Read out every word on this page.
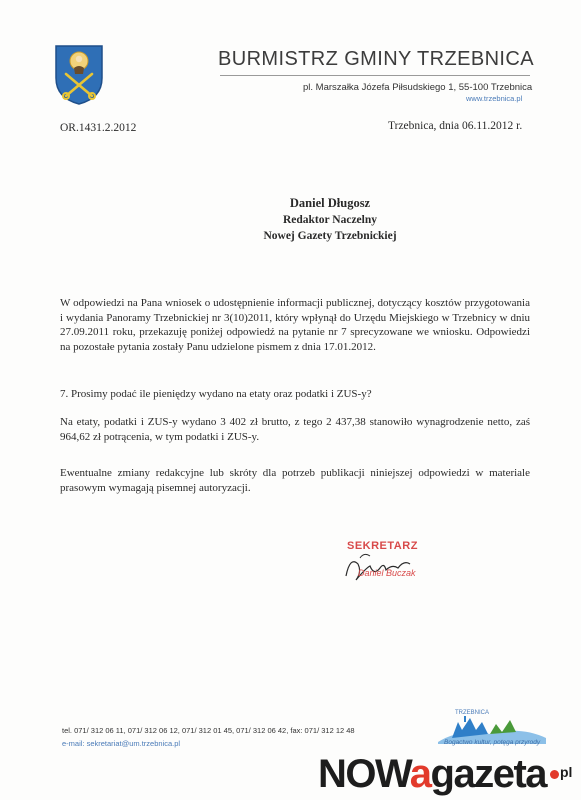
BURMISTRZ GMINY TRZEBNICA
pl. Marszałka Józefa Piłsudskiego 1, 55-100 Trzebnica
www.trzebnica.pl
OR.1431.2.2012	Trzebnica, dnia 06.11.2012 r.
Daniel Długosz
Redaktor Naczelny
Nowej Gazety Trzebnickiej
W odpowiedzi na Pana wniosek o udostępnienie informacji publicznej, dotyczący kosztów przygotowania i wydania Panoramy Trzebnickiej nr 3(10)2011, który wpłynął do Urzędu Miejskiego w Trzebnicy w dniu 27.09.2011 roku, przekazuję poniżej odpowiedź na pytanie nr 7 sprecyzowane we wniosku. Odpowiedzi na pozostałe pytania zostały Panu udzielone pismem z dnia 17.01.2012.
7. Prosimy podać ile pieniędzy wydano na etaty oraz podatki i ZUS-y?
Na etaty, podatki i ZUS-y wydano 3 402 zł brutto, z tego 2 437,38 stanowiło wynagrodzenie netto, zaś 964,62 zł potrącenia, w tym podatki i ZUS-y.
Ewentualne zmiany redakcyjne lub skróty dla potrzeb publikacji niniejszej odpowiedzi w materiale prasowym wymagają pisemnej autoryzacji.
SEKRETARZ
Daniel Buczak
tel. 071/ 312 06 11, 071/ 312 06 12, 071/ 312 01 45, 071/ 312 06 42, fax: 071/ 312 12 48
e-mail: sekretariat@um.trzebnica.pl
TRZEBNICA
Bogactwo kultur, potęga przyrody
NOWagazeta pl
